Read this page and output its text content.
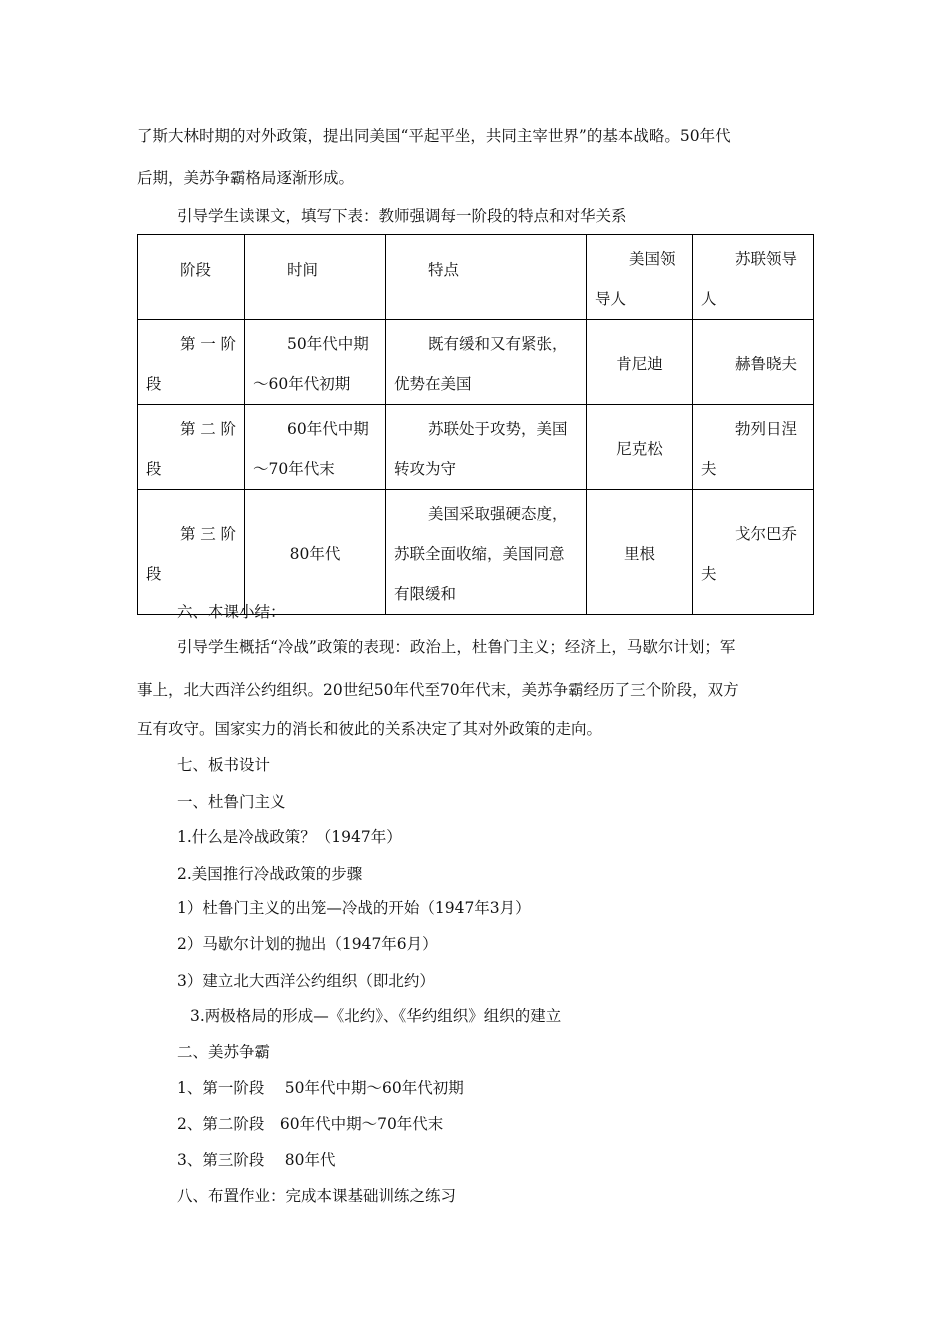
了斯大林时期的对外政策，提出同美国“平起平坐，共同主宰世界”的基本战略。50年代
后期，美苏争霸格局逐渐形成。
引导学生读课文，填写下表：教师强调每一阶段的特点和对华关系
阶段	时间	特点	美国领导人	苏联领导人

第一阶段	50年代中期～60年代初期	既有缓和又有紧张，优势在美国	肯尼迪	赫鲁晓夫

第二阶段	60年代中期～70年代末	苏联处于攻势，美国转攻为守	尼克松	勃列日涅夫

第三阶段	80年代	美国采取强硬态度，苏联全面收缩，美国同意有限缓和	里根	戈尔巴乔夫
六、本课小结：
引导学生概括“冷战”政策的表现：政治上，杜鲁门主义；经济上，马歇尔计划；军
事上，北大西洋公约组织。20世纪50年代至70年代末，美苏争霸经历了三个阶段，双方
互有攻守。国家实力的消长和彼此的关系决定了其对外政策的走向。
七、板书设计
一、杜鲁门主义
1.什么是冷战政策？（1947年）
2.美国推行冷战政策的步骤
1）杜鲁门主义的出笼—冷战的开始（1947年3月）
2）马歇尔计划的抛出（1947年6月）
3）建立北大西洋公约组织（即北约）
3.两极格局的形成—《北约》、《华约组织》组织的建立
二、美苏争霸
1、第一阶段　 50年代中期～60年代初期
2、第二阶段　60年代中期～70年代末
3、第三阶段　 80年代
八、布置作业：完成本课基础训练之练习
